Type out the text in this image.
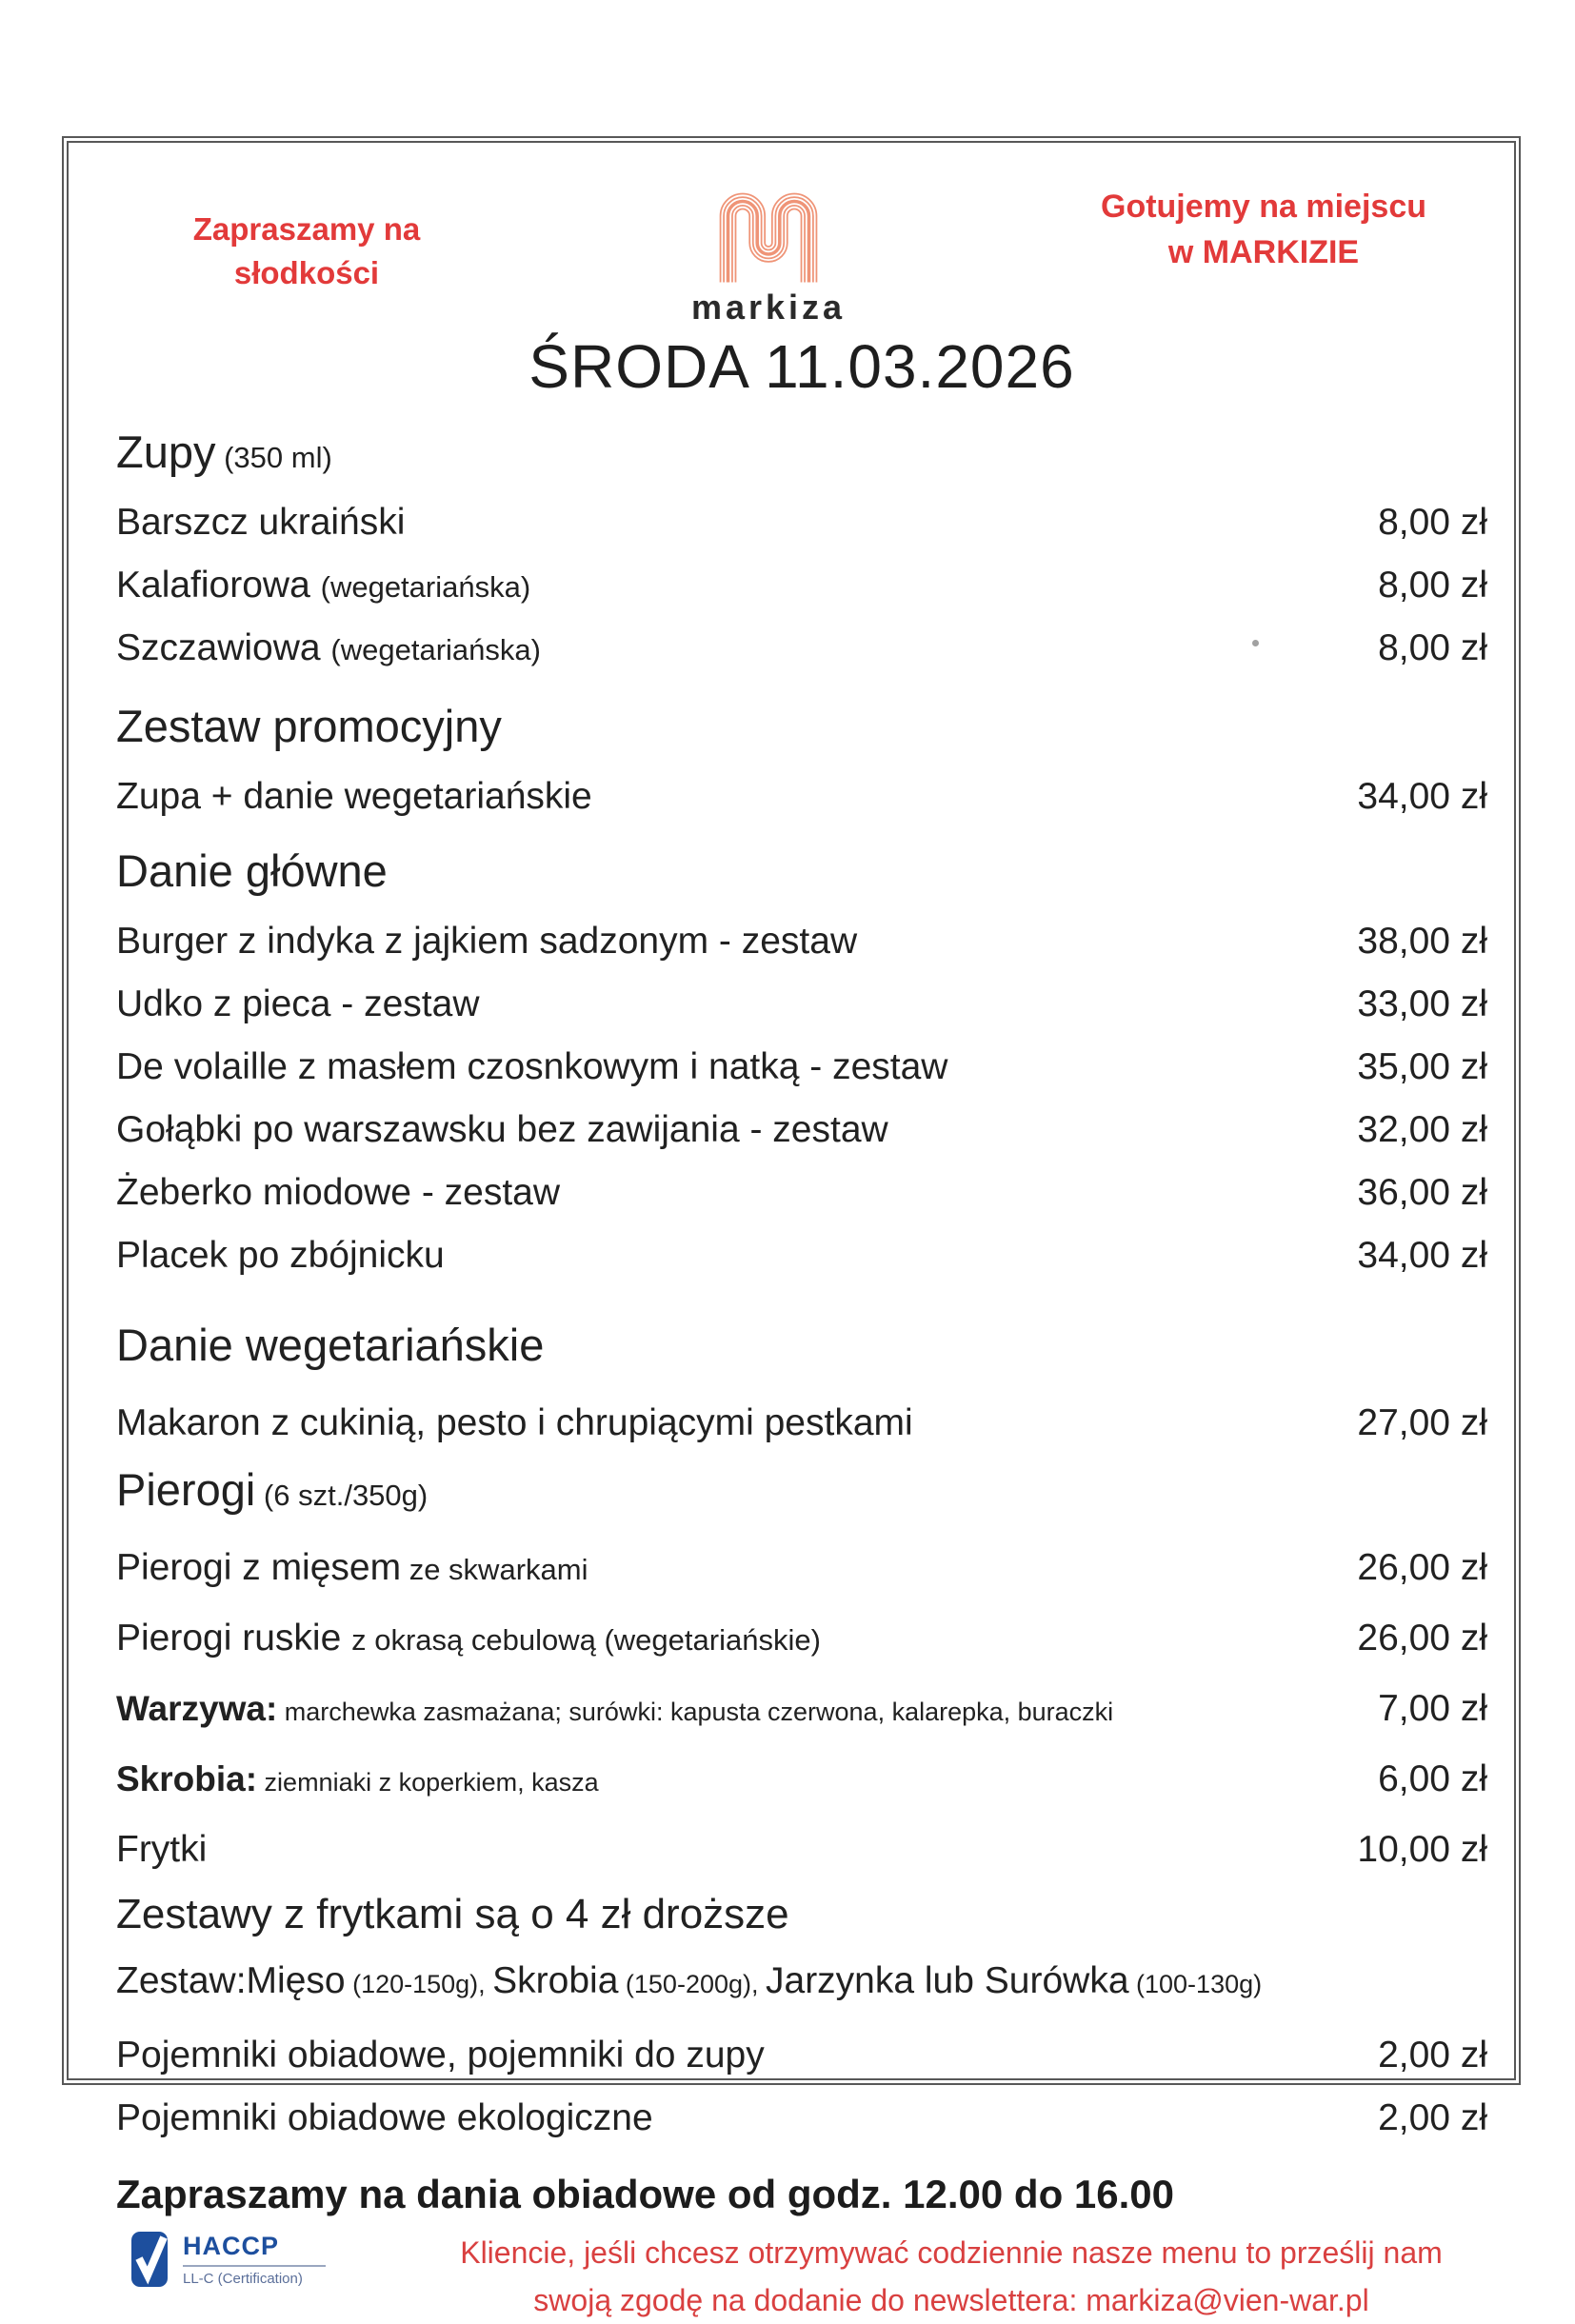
Zapraszamy na
słodkości
markiza
Gotujemy na miejscu
w MARKIZIE
ŚRODA 11.03.2026
Zupy (350 ml)
Barszcz ukraiński	8,00 zł
Kalafiorowa (wegetariańska)	8,00 zł
Szczawiowa (wegetariańska)	8,00 zł
Zestaw promocyjny
Zupa + danie wegetariańskie	34,00 zł
Danie główne
Burger z indyka z jajkiem sadzonym - zestaw	38,00 zł
Udko z pieca - zestaw	33,00 zł
De volaille z masłem czosnkowym i natką - zestaw	35,00 zł
Gołąbki po warszawsku bez zawijania - zestaw	32,00 zł
Żeberko miodowe - zestaw	36,00 zł
Placek po zbójnicku	34,00 zł
Danie wegetariańskie
Makaron z cukinią, pesto i chrupiącymi pestkami	27,00 zł
Pierogi (6 szt./350g)
Pierogi z mięsem ze skwarkami	26,00 zł
Pierogi ruskie z okrasą cebulową (wegetariańskie)	26,00 zł
Warzywa: marchewka zasmażana; surówki: kapusta czerwona, kalarepka, buraczki	7,00 zł
Skrobia: ziemniaki z koperkiem, kasza	6,00 zł
Frytki	10,00 zł
Zestawy z frytkami są o 4 zł droższe
Zestaw:Mięso (120-150g), Skrobia (150-200g), Jarzynka lub Surówka (100-130g)
Pojemniki obiadowe, pojemniki do zupy	2,00 zł
Pojemniki obiadowe ekologiczne	2,00 zł
Zapraszamy na dania obiadowe od godz. 12.00 do 16.00
HACCP
LL-C (Certification)
Kliencie, jeśli chcesz otrzymywać codziennie nasze menu to prześlij nam
swoją zgodę na dodanie do newslettera: markiza@vien-war.pl
